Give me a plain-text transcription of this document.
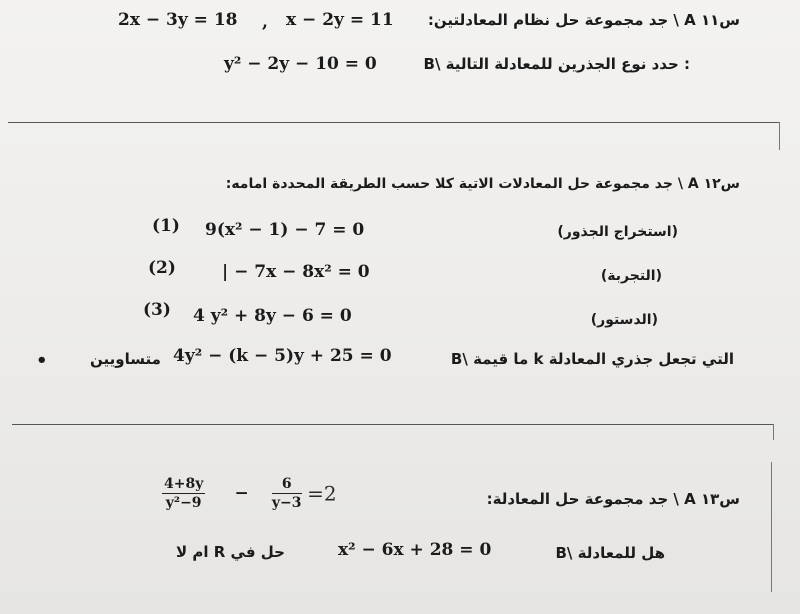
2x − 3y = 18 , x − 2y = 11 س١١ A \ جد مجموعة حل نظام المعادلتين:
y² − 2y − 10 = 0	B\ حدد نوع الجذرين للمعادلة التالية :
س١٢ A \ جد مجموعة حل المعادلات الاتية كلا حسب الطريقة المحددة امامه:
(1) 9(x² − 1) − 7 = 0	(استخراج الجذور)
(2)	| − 7x − 8x² = 0	(التجربة)
(3) 4 y² + 8y − 6 = 0	(الدستور)
•	متساويين 4y² − (k − 5)y + 25 = 0	B\ ما قيمة k التي تجعل جذري المعادلة
$\frac{4+8y}{\text{y²−9}} - \frac{6}{y-3} =2$	س١٣ A \ جد مجموعة حل المعادلة:
حل في R ام لا	x² − 6x + 28 = 0	B\ هل للمعادلة
